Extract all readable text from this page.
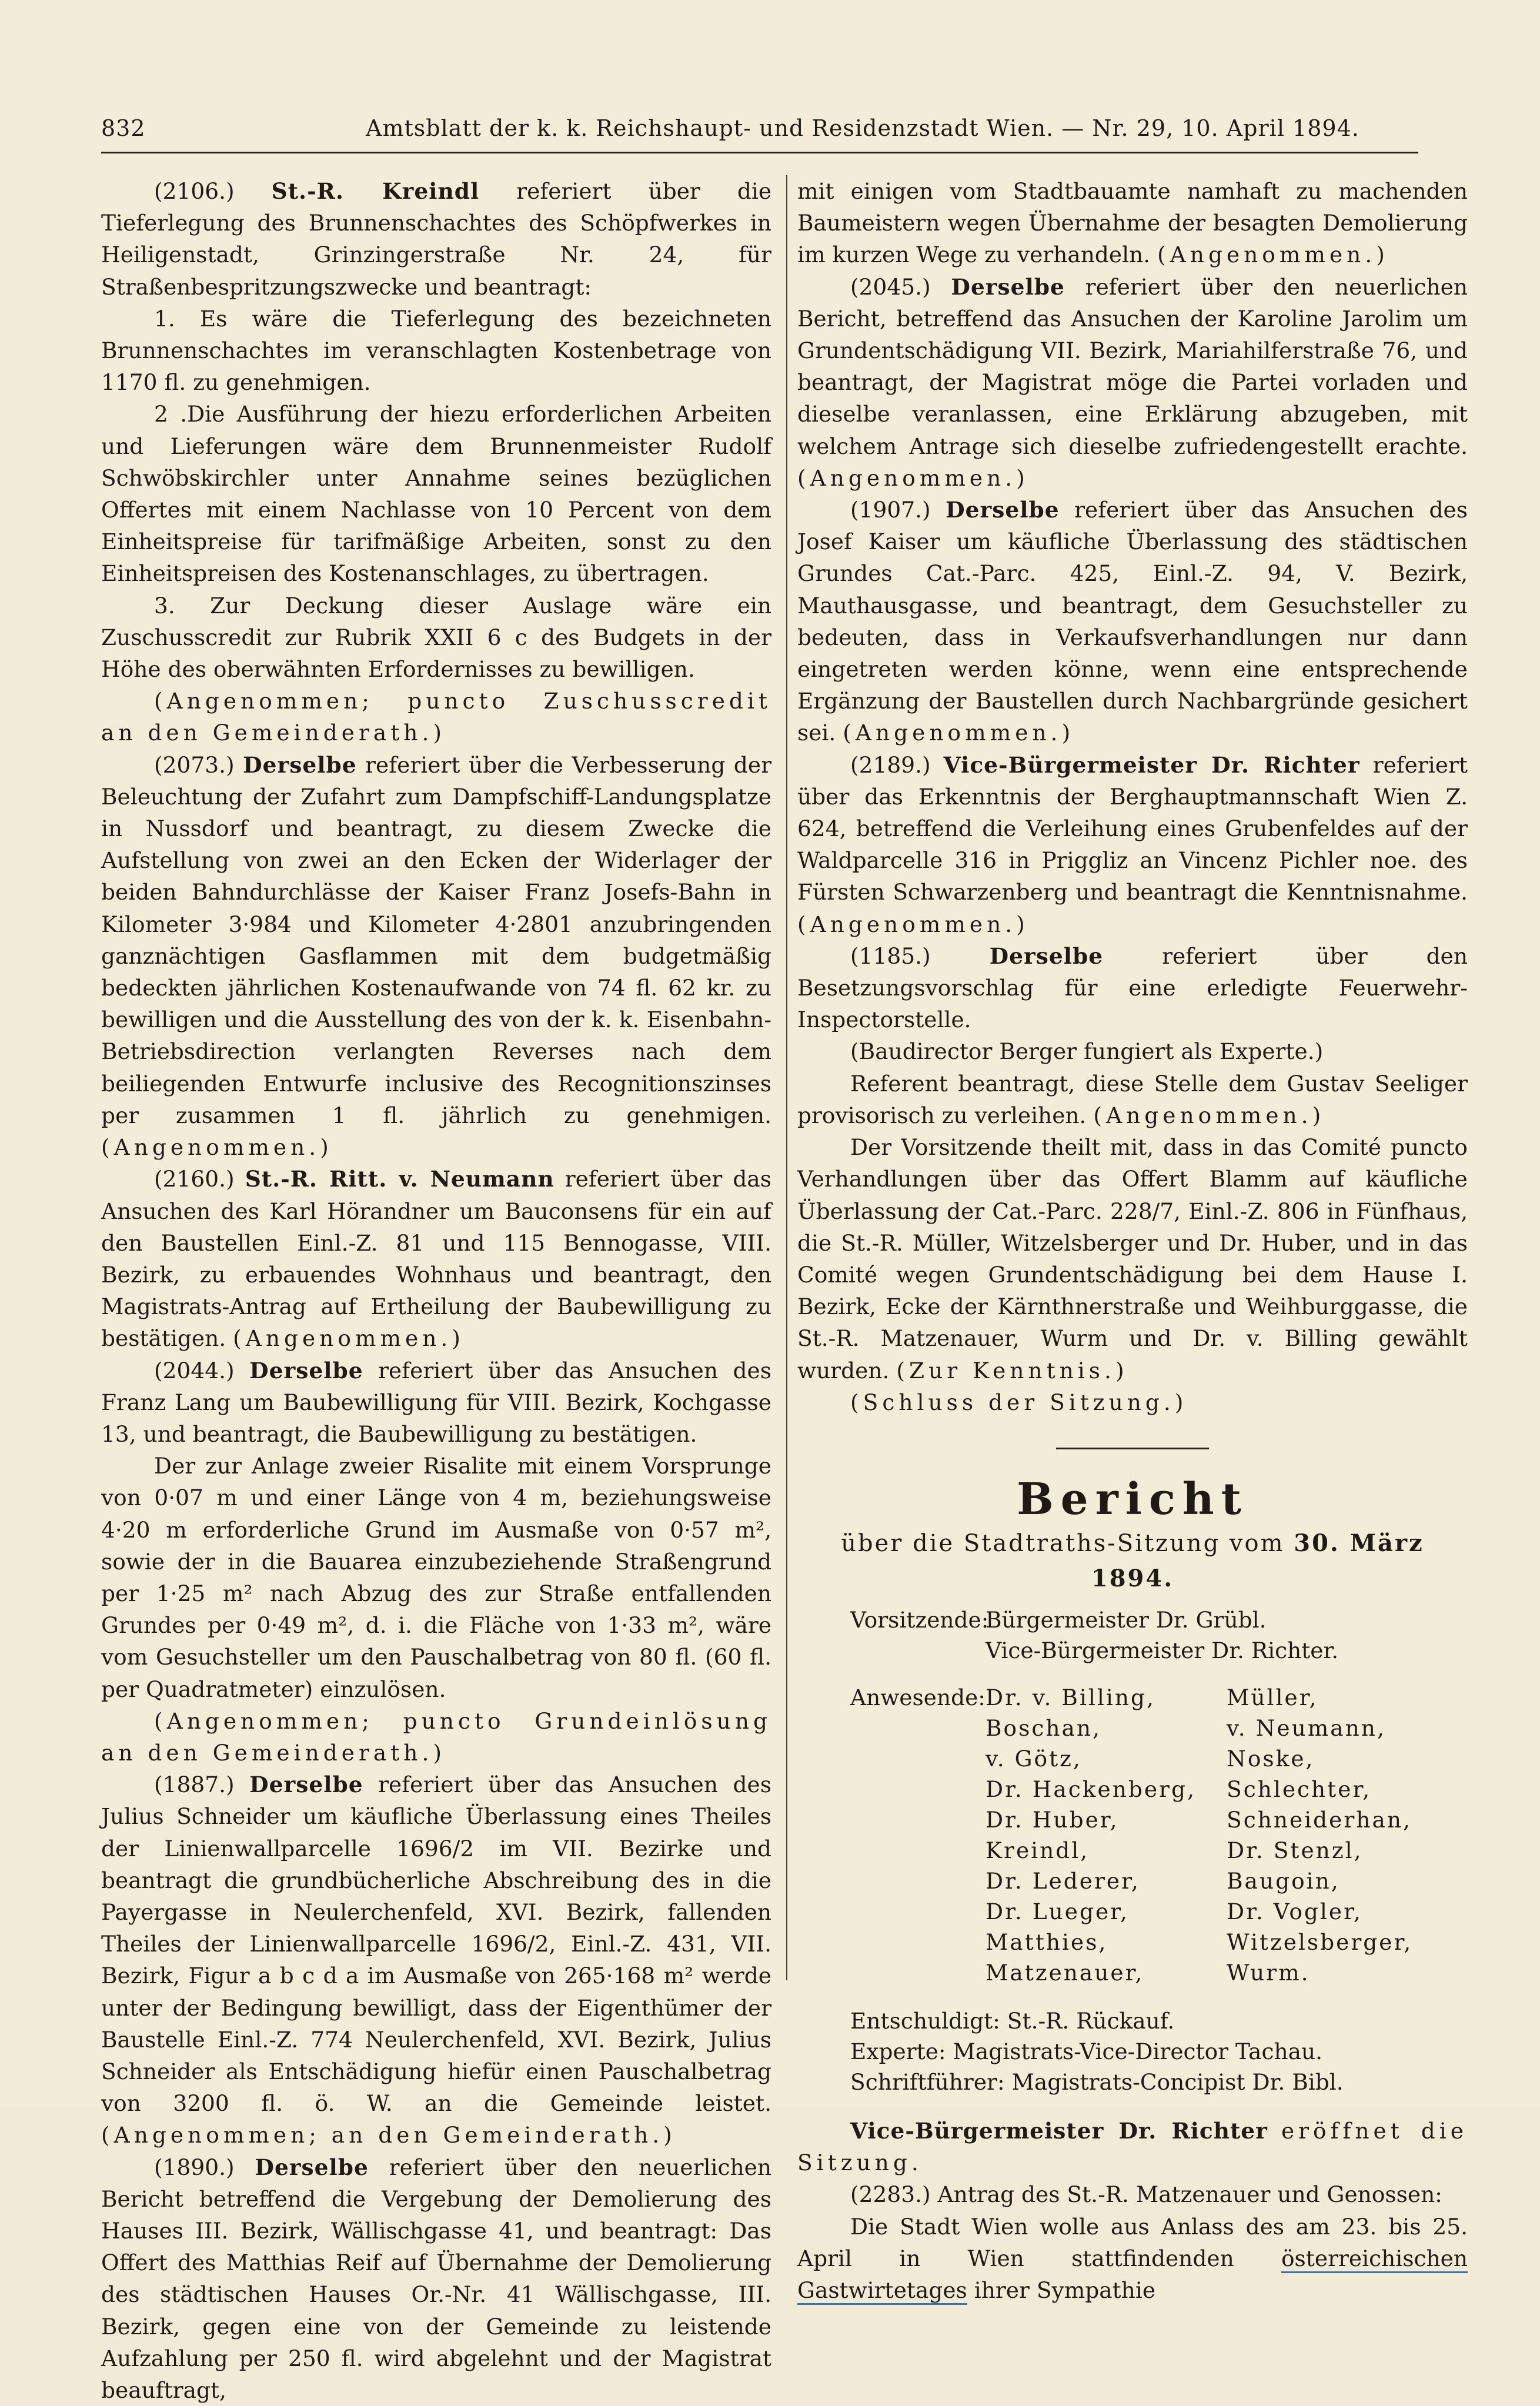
832	Amtsblatt der k. k. Reichshaupt- und Residenzstadt Wien. — Nr. 29, 10. April 1894.

(2106.) St.-R. Kreindl referiert über die Tieferlegung des Brunnenschachtes des Schöpfwerkes in Heiligenstadt, Grinzingerstraße Nr. 24, für Straßenbespritzungszwecke und beantragt:

1. Es wäre die Tieferlegung des bezeichneten Brunnenschachtes im veranschlagten Kostenbetrage von 1170 fl. zu genehmigen.

2 .Die Ausführung der hiezu erforderlichen Arbeiten und Lieferungen wäre dem Brunnenmeister Rudolf Schwöbskirchler unter Annahme seines bezüglichen Offertes mit einem Nachlasse von 10 Percent von dem Einheitspreise für tarifmäßige Arbeiten, sonst zu den Einheitspreisen des Kostenanschlages, zu übertragen.

3. Zur Deckung dieser Auslage wäre ein Zuschusscredit zur Rubrik XXII 6 c des Budgets in der Höhe des oberwähnten Erfordernisses zu bewilligen.

(Angenommen; puncto Zuschusscredit an den Gemeinderath.)

(2073.) Derselbe referiert über die Verbesserung der Beleuchtung der Zufahrt zum Dampfschiff-Landungsplatze in Nussdorf und beantragt, zu diesem Zwecke die Aufstellung von zwei an den Ecken der Widerlager der beiden Bahndurchlässe der Kaiser Franz Josefs-Bahn in Kilometer 3·984 und Kilometer 4·2801 anzubringenden ganznächtigen Gasflammen mit dem budgetmäßig bedeckten jährlichen Kostenaufwande von 74 fl. 62 kr. zu bewilligen und die Ausstellung des von der k. k. Eisenbahn-Betriebsdirection verlangten Reverses nach dem beiliegenden Entwurfe inclusive des Recognitionszinses per zusammen 1 fl. jährlich zu genehmigen. (Angenommen.)

(2160.) St.-R. Ritt. v. Neumann referiert über das Ansuchen des Karl Hörandner um Bauconsens für ein auf den Baustellen Einl.-Z. 81 und 115 Bennogasse, VIII. Bezirk, zu erbauendes Wohnhaus und beantragt, den Magistrats-Antrag auf Ertheilung der Baubewilligung zu bestätigen. (Angenommen.)

(2044.) Derselbe referiert über das Ansuchen des Franz Lang um Baubewilligung für VIII. Bezirk, Kochgasse 13, und beantragt, die Baubewilligung zu bestätigen.

Der zur Anlage zweier Risalite mit einem Vorsprunge von 0·07 m und einer Länge von 4 m, beziehungsweise 4·20 m erforderliche Grund im Ausmaße von 0·57 m², sowie der in die Bauarea einzubeziehende Straßengrund per 1·25 m² nach Abzug des zur Straße entfallenden Grundes per 0·49 m², d. i. die Fläche von 1·33 m², wäre vom Gesuchsteller um den Pauschalbetrag von 80 fl. (60 fl. per Quadratmeter) einzulösen.

(Angenommen; puncto Grundeinlösung an den Gemeinderath.)

(1887.) Derselbe referiert über das Ansuchen des Julius Schneider um käufliche Überlassung eines Theiles der Linienwallparcelle 1696/2 im VII. Bezirke und beantragt die grundbücherliche Abschreibung des in die Payergasse in Neulerchenfeld, XVI. Bezirk, fallenden Theiles der Linienwallparcelle 1696/2, Einl.-Z. 431, VII. Bezirk, Figur a b c d a im Ausmaße von 265·168 m² werde unter der Bedingung bewilligt, dass der Eigenthümer der Baustelle Einl.-Z. 774 Neulerchenfeld, XVI. Bezirk, Julius Schneider als Entschädigung hiefür einen Pauschalbetrag von 3200 fl. ö. W. an die Gemeinde leistet. (Angenommen; an den Gemeinderath.)

(1890.) Derselbe referiert über den neuerlichen Bericht betreffend die Vergebung der Demolierung des Hauses III. Bezirk, Wällischgasse 41, und beantragt: Das Offert des Matthias Reif auf Übernahme der Demolierung des städtischen Hauses Or.-Nr. 41 Wällischgasse, III. Bezirk, gegen eine von der Gemeinde zu leistende Aufzahlung per 250 fl. wird abgelehnt und der Magistrat beauftragt,

mit einigen vom Stadtbauamte namhaft zu machenden Baumeistern wegen Übernahme der besagten Demolierung im kurzen Wege zu verhandeln. (Angenommen.)

(2045.) Derselbe referiert über den neuerlichen Bericht, betreffend das Ansuchen der Karoline Jarolim um Grundentschädigung VII. Bezirk, Mariahilferstraße 76, und beantragt, der Magistrat möge die Partei vorladen und dieselbe veranlassen, eine Erklärung abzugeben, mit welchem Antrage sich dieselbe zufriedengestellt erachte. (Angenommen.)

(1907.) Derselbe referiert über das Ansuchen des Josef Kaiser um käufliche Überlassung des städtischen Grundes Cat.-Parc. 425, Einl.-Z. 94, V. Bezirk, Mauthausgasse, und beantragt, dem Gesuchsteller zu bedeuten, dass in Verkaufsverhandlungen nur dann eingetreten werden könne, wenn eine entsprechende Ergänzung der Baustellen durch Nachbargründe gesichert sei. (Angenommen.)

(2189.) Vice-Bürgermeister Dr. Richter referiert über das Erkenntnis der Berghauptmannschaft Wien Z. 624, betreffend die Verleihung eines Grubenfeldes auf der Waldparcelle 316 in Priggliz an Vincenz Pichler noe. des Fürsten Schwarzenberg und beantragt die Kenntnisnahme. (Angenommen.)

(1185.)	Derselbe	referiert über den Besetzungsvorschlag für eine erledigte Feuerwehr-Inspectorstelle.

(Baudirector Berger fungiert als Experte.)

Referent beantragt, diese Stelle dem Gustav Seeliger provisorisch zu verleihen. (Angenommen.)

Der Vorsitzende theilt mit, dass in das Comité puncto Verhandlungen über das Offert Blamm auf käufliche Überlassung der Cat.-Parc. 228/7, Einl.-Z. 806 in Fünfhaus, die St.-R. Müller, Witzelsberger und Dr. Huber, und in das Comité wegen Grundentschädigung bei dem Hause I. Bezirk, Ecke der Kärnthnerstraße und Weihburggasse, die St.-R. Matzenauer, Wurm und Dr. v. Billing gewählt wurden. (Zur Kenntnis.)

(Schluss der Sitzung.)

Bericht
über die Stadtraths-Sitzung vom 30. März 1894.
Vorsitzende:
Bürgermeister Dr. Grübl.
Vice-Bürgermeister Dr. Richter.
Anwesende: Dr. v. Billing,
Boschan,
v. Götz,
Dr. Hackenberg,
Dr. Huber,
Kreindl,
Dr. Lederer,
Dr. Lueger,
Matthies,
Matzenauer,
Müller,
v. Neumann,
Noske,
Schlechter,
Schneiderhan,
Dr. Stenzl,
Baugoin,
Dr. Vogler,
Witzelsberger,
Wurm.
Entschuldigt: St.-R. Rückauf.
Experte: Magistrats-Vice-Director Tachau.
Schriftführer: Magistrats-Concipist Dr. Bibl.

Vice-Bürgermeister Dr. Richter eröffnet die Sitzung.

(2283.) Antrag des St.-R. Matzenauer und Genossen:

Die Stadt Wien wolle aus Anlass des am 23. bis 25. April in Wien stattfindenden österreichischen Gastwirtetages ihrer Sympathie
